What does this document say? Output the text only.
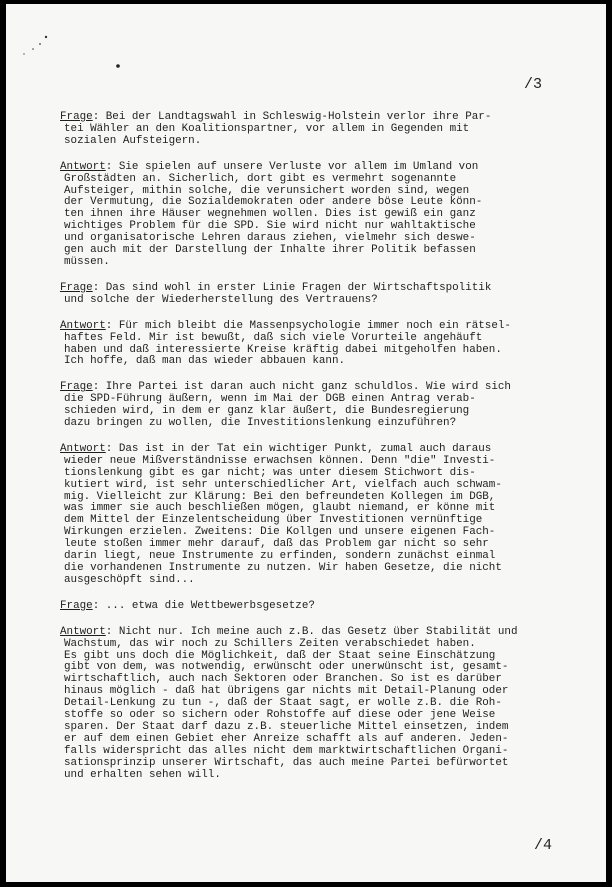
/3
Frage: Bei der Landtagswahl in Schleswig-Holstein verlor ihre Par-
tei Wähler an den Koalitionspartner, vor allem in Gegenden mit
sozialen Aufsteigern.
Antwort: Sie spielen auf unsere Verluste vor allem im Umland von
Großstädten an. Sicherlich, dort gibt es vermehrt sogenannte
Aufsteiger, mithin solche, die verunsichert worden sind, wegen
der Vermutung, die Sozialdemokraten oder andere böse Leute könn-
ten ihnen ihre Häuser wegnehmen wollen. Dies ist gewiß ein ganz
wichtiges Problem für die SPD. Sie wird nicht nur wahltaktische
und organisatorische Lehren daraus ziehen, vielmehr sich deswe-
gen auch mit der Darstellung der Inhalte ihrer Politik befassen
müssen.
Frage: Das sind wohl in erster Linie Fragen der Wirtschaftspolitik
und solche der Wiederherstellung des Vertrauens?
Antwort: Für mich bleibt die Massenpsychologie immer noch ein rätsel-
haftes Feld. Mir ist bewußt, daß sich viele Vorurteile angehäuft
haben und daß interessierte Kreise kräftig dabei mitgeholfen haben.
Ich hoffe, daß man das wieder abbauen kann.
Frage: Ihre Partei ist daran auch nicht ganz schuldlos. Wie wird sich
die SPD-Führung äußern, wenn im Mai der DGB einen Antrag verab-
schieden wird, in dem er ganz klar äußert, die Bundesregierung
dazu bringen zu wollen, die Investitionslenkung einzuführen?
Antwort: Das ist in der Tat ein wichtiger Punkt, zumal auch daraus
wieder neue Mißverständnisse erwachsen können. Denn "die" Investi-
tionslenkung gibt es gar nicht; was unter diesem Stichwort dis-
kutiert wird, ist sehr unterschiedlicher Art, vielfach auch schwam-
mig. Vielleicht zur Klärung: Bei den befreundeten Kollegen im DGB,
was immer sie auch beschließen mögen, glaubt niemand, er könne mit
dem Mittel der Einzelentscheidung über Investitionen vernünftige
Wirkungen erzielen. Zweitens: Die Kollgen und unsere eigenen Fach-
leute stoßen immer mehr darauf, daß das Problem gar nicht so sehr
darin liegt, neue Instrumente zu erfinden, sondern zunächst einmal
die vorhandenen Instrumente zu nutzen. Wir haben Gesetze, die nicht
ausgeschöpft sind...
Frage: ... etwa die Wettbewerbsgesetze?
Antwort: Nicht nur. Ich meine auch z.B. das Gesetz über Stabilität und
Wachstum, das wir noch zu Schillers Zeiten verabschiedet haben.
Es gibt uns doch die Möglichkeit, daß der Staat seine Einschätzung
gibt von dem, was notwendig, erwünscht oder unerwünscht ist, gesamt-
wirtschaftlich, auch nach Sektoren oder Branchen. So ist es darüber
hinaus möglich - daß hat übrigens gar nichts mit Detail-Planung oder
Detail-Lenkung zu tun -, daß der Staat sagt, er wolle z.B. die Roh-
stoffe so oder so sichern oder Rohstoffe auf diese oder jene Weise
sparen. Der Staat darf dazu z.B. steuerliche Mittel einsetzen, indem
er auf dem einen Gebiet eher Anreize schafft als auf anderen. Jeden-
falls widerspricht das alles nicht dem marktwirtschaftlichen Organi-
sationsprinzip unserer Wirtschaft, das auch meine Partei befürwortet
und erhalten sehen will.
/4
